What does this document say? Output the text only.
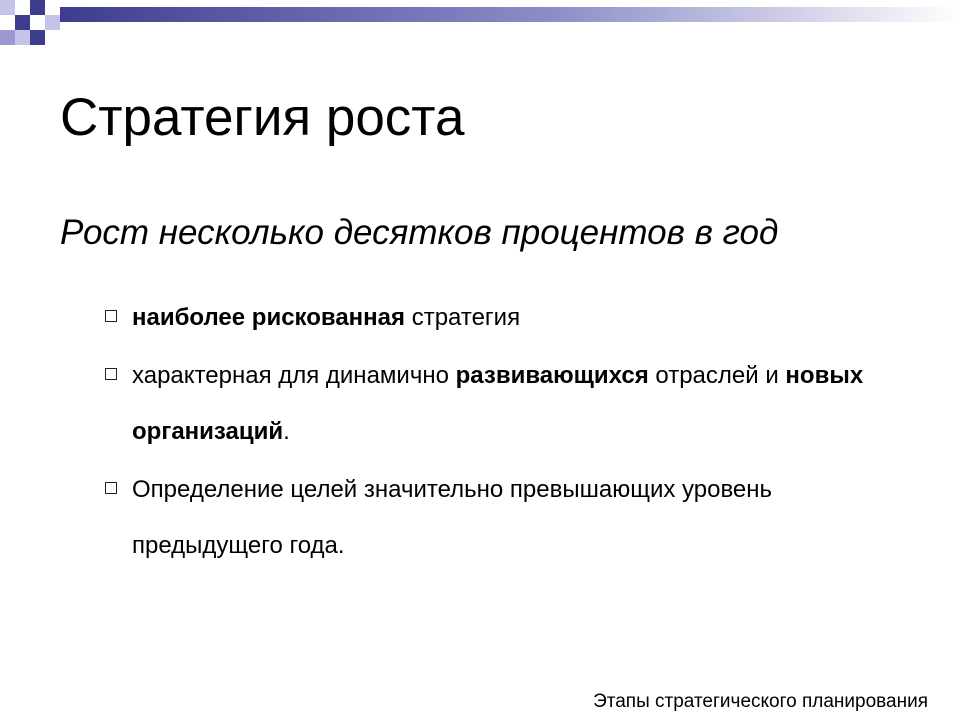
Стратегия роста
Рост несколько десятков процентов в год
наиболее рискованная стратегия
характерная для динамично развивающихся отраслей и новых организаций.
Определение целей значительно превышающих уровень предыдущего года.
Этапы стратегического планирования
